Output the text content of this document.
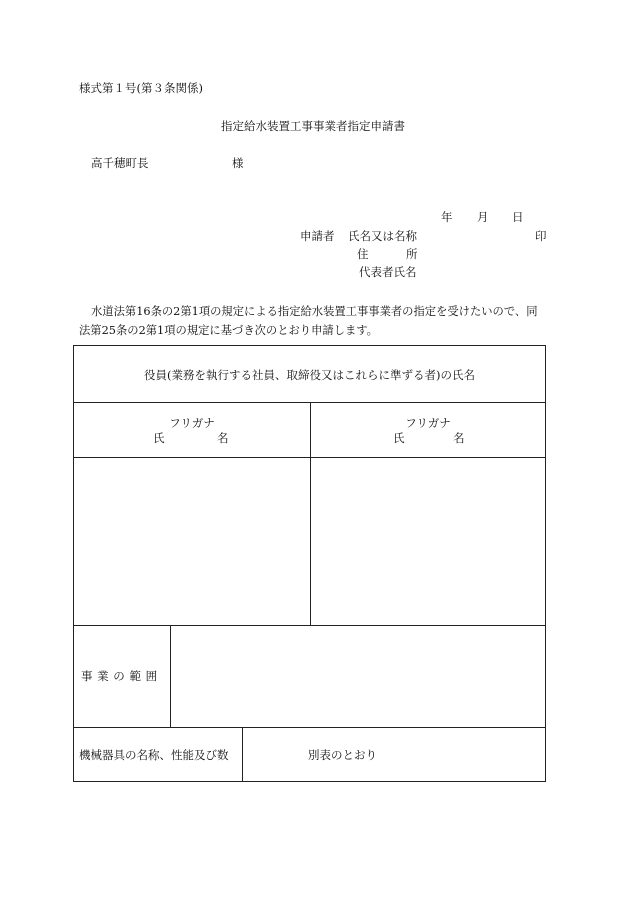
様式第１号(第３条関係)
指定給水装置工事事業者指定申請書
高千穂町長	様
年 月 日
申請者 氏名又は名称	印
住	所
代表者氏名
水道法第16条の2第1項の規定による指定給水装置工事事業者の指定を受けたいので、同
法第25条の2第1項の規定に基づき次のとおり申請します。
役員(業務を執行する社員、取締役又はこれらに準ずる者)の氏名
フリガナ
氏	名
フリガナ
氏	名
事 業 の 範 囲
機械器具の名称、性能及び数	別表のとおり
